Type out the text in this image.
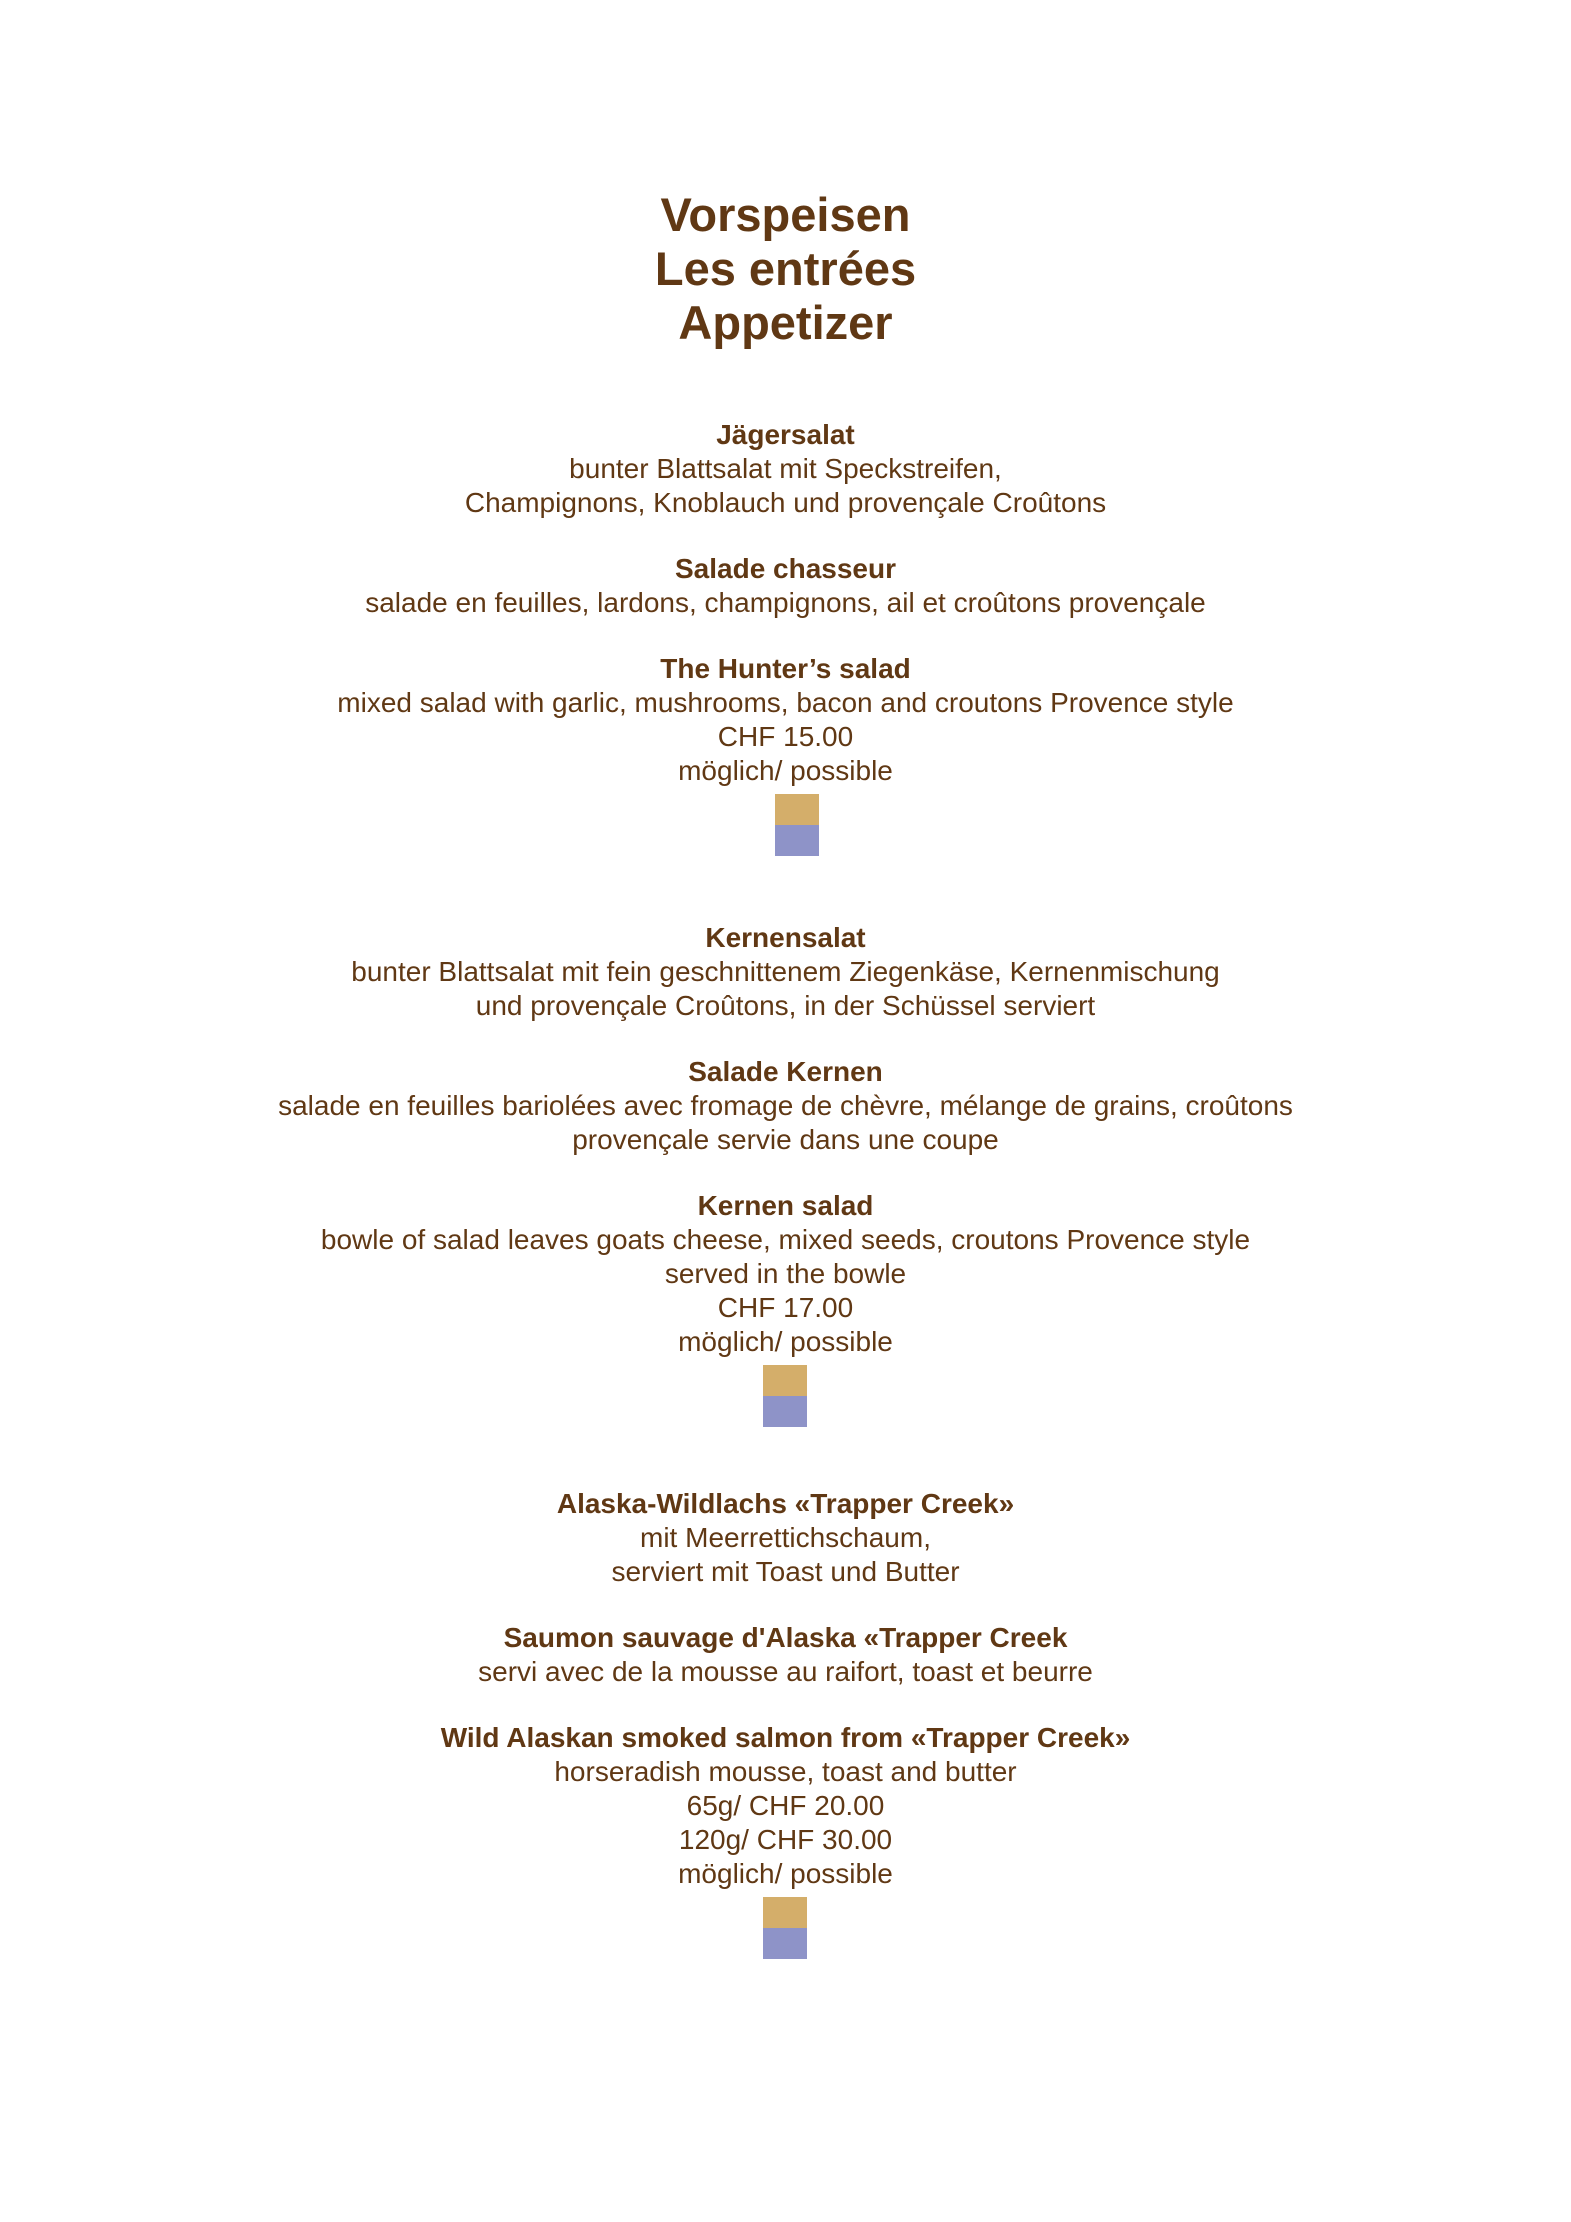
Vorspeisen
Les entrées
Appetizer
Jägersalat
bunter Blattsalat mit Speckstreifen,
Champignons, Knoblauch und provençale Croûtons
Salade chasseur
salade en feuilles, lardons, champignons, ail et croûtons provençale
The Hunter’s salad
mixed salad with garlic, mushrooms, bacon and croutons Provence style
CHF 15.00
möglich/ possible
Kernensalat
bunter Blattsalat mit fein geschnittenem Ziegenkäse, Kernenmischung
und provençale Croûtons, in der Schüssel serviert
Salade Kernen
salade en feuilles bariolées avec fromage de chèvre, mélange de grains, croûtons
provençale servie dans une coupe
Kernen salad
bowle of salad leaves goats cheese, mixed seeds, croutons Provence style
served in the bowle
CHF 17.00
möglich/ possible
Alaska-Wildlachs «Trapper Creek»
mit Meerrettichschaum,
serviert mit Toast und Butter
Saumon sauvage d'Alaska «Trapper Creek
servi avec de la mousse au raifort, toast et beurre
Wild Alaskan smoked salmon from «Trapper Creek»
horseradish mousse, toast and butter
65g/ CHF 20.00
120g/ CHF 30.00
möglich/ possible
